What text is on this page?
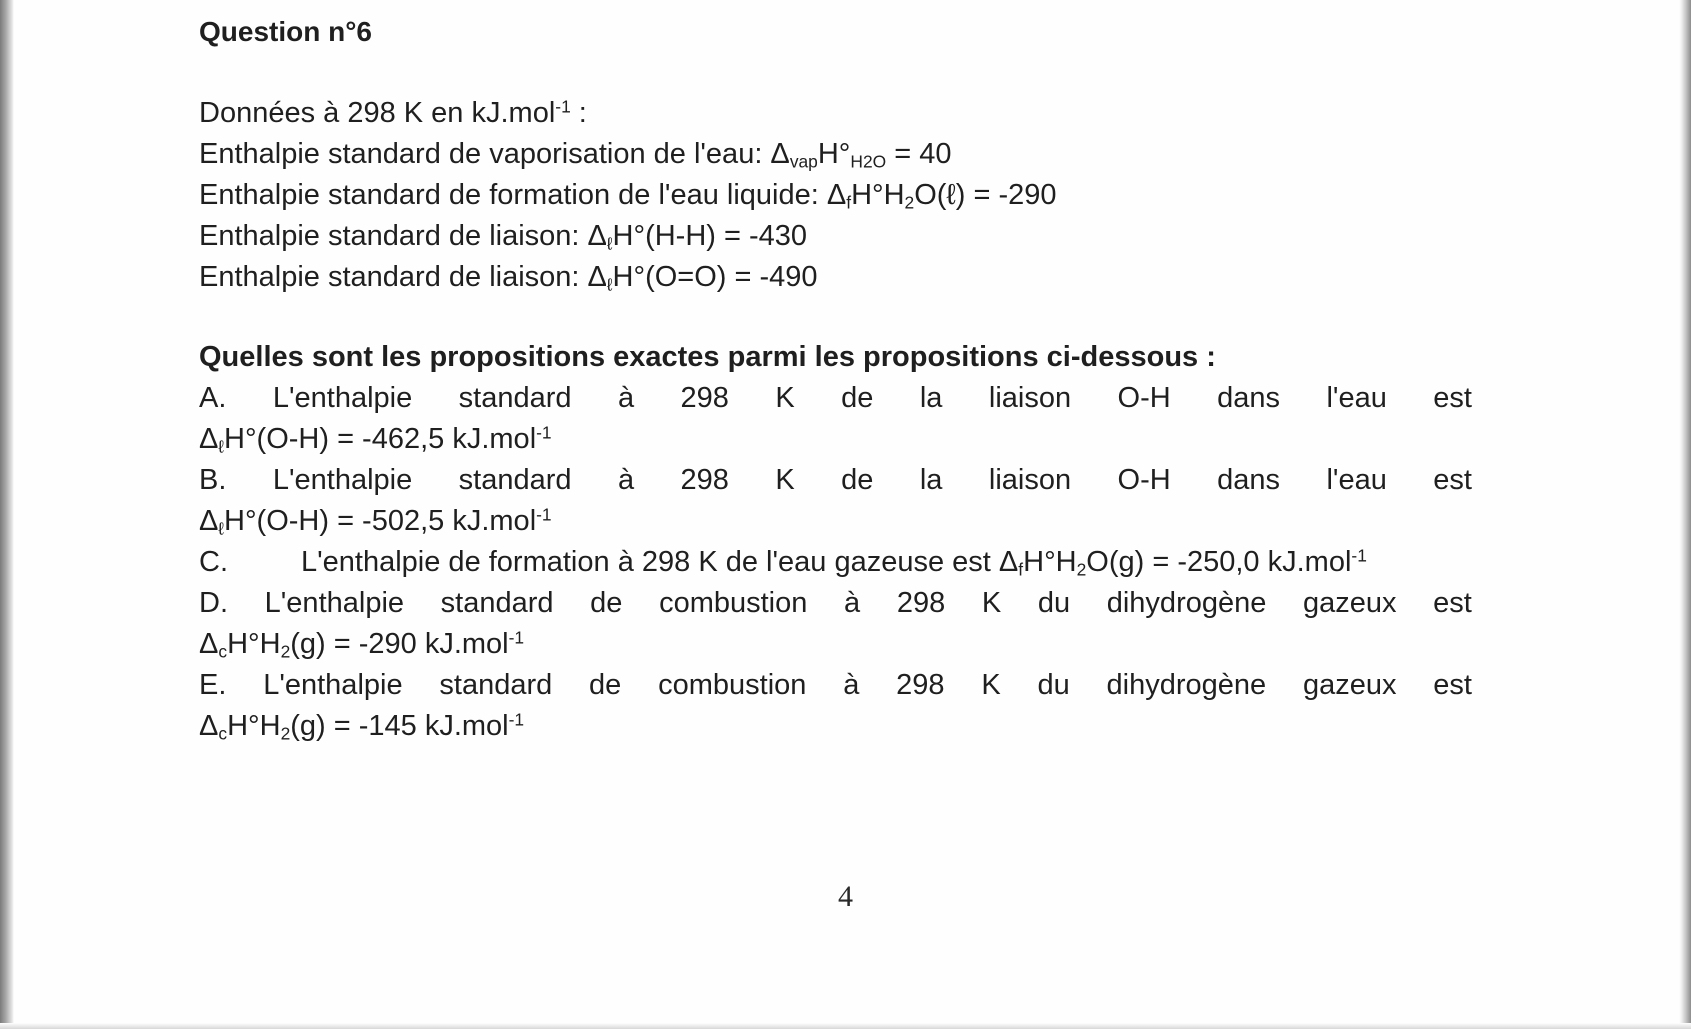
Question n°6
Données à 298 K en kJ.mol$^{-1}$ :
Enthalpie standard de vaporisation de l'eau: $\Delta_{vap}H^\circ_{H2O} = 40$
Enthalpie standard de formation de l'eau liquide: $\Delta_fH^\circ H_2O(\ell) = -290$
Enthalpie standard de liaison: $\Delta_\ell H^\circ(H-H) = -430$
Enthalpie standard de liaison: $\Delta_\ell H^\circ(O=O) = -490$
Quelles sont les propositions exactes parmi les propositions ci-dessous :
A. L'enthalpie standard à 298 K de la liaison O-H dans l'eau est
$\Delta_\ell H^\circ(O-H) = -462,5$ kJ.mol$^{-1}$
B. L'enthalpie standard à 298 K de la liaison O-H dans l'eau est
$\Delta_\ell H^\circ(O-H) = -502,5$ kJ.mol$^{-1}$
C.	L'enthalpie de formation à 298 K de l'eau gazeuse est $\Delta_fH^\circ H_2O(g) = -250,0$ kJ.mol$^{-1}$
D. L'enthalpie standard de combustion à 298 K du dihydrogène gazeux est
$\Delta_cH^\circ H_2(g) = -290$ kJ.mol$^{-1}$
E. L'enthalpie standard de combustion à 298 K du dihydrogène gazeux est
$\Delta_cH^\circ H_2(g) = -145$ kJ.mol$^{-1}$
4
